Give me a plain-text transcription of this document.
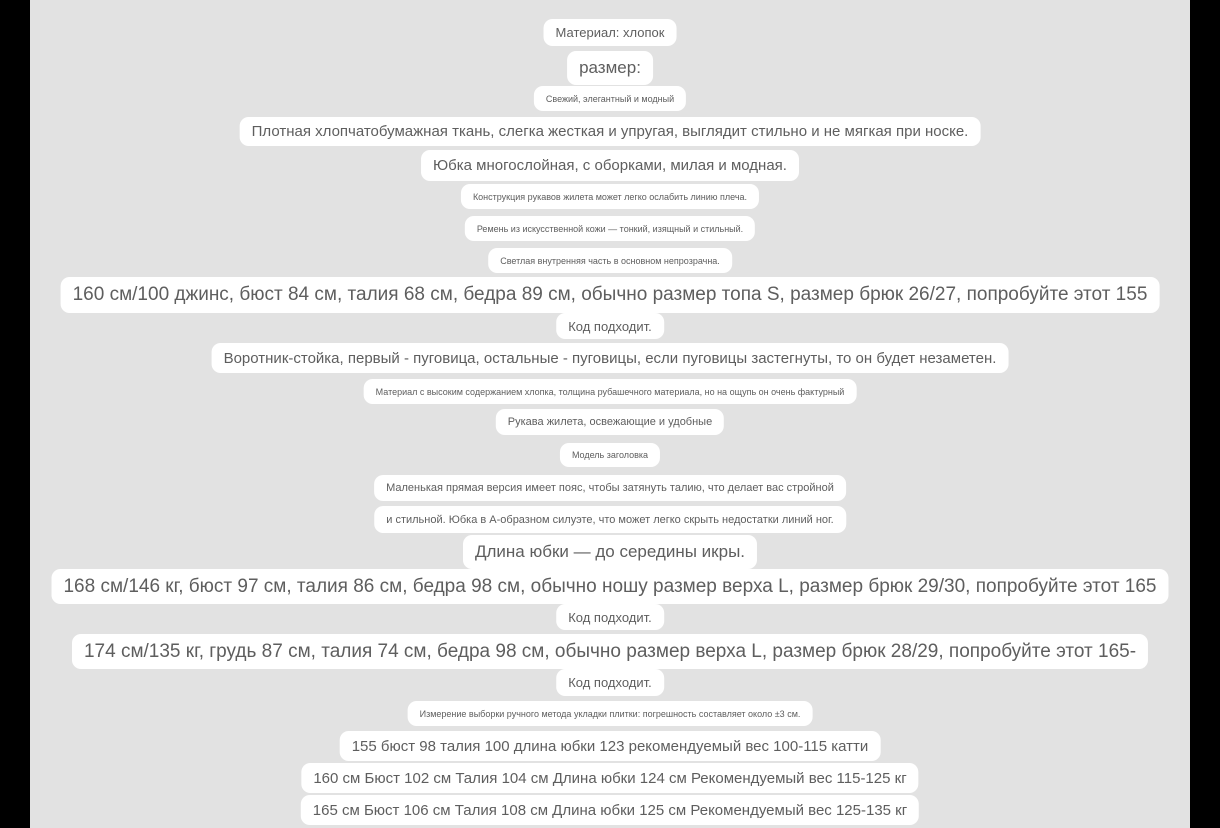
Материал: хлопок
размер:
Свежий, элегантный и модный
Плотная хлопчатобумажная ткань, слегка жесткая и упругая, выглядит стильно и не мягкая при носке.
Юбка многослойная, с оборками, милая и модная.
Конструкция рукавов жилета может легко ослабить линию плеча.
Ремень из искусственной кожи — тонкий, изящный и стильный.
Светлая внутренняя часть в основном непрозрачна.
160 см/100 джинс, бюст 84 см, талия 68 см, бедра 89 см, обычно размер топа S, размер брюк 26/27, попробуйте этот 155
Код подходит.
Воротник-стойка, первый - пуговица, остальные - пуговицы, если пуговицы застегнуты, то он будет незаметен.
Материал с высоким содержанием хлопка, толщина рубашечного материала, но на ощупь он очень фактурный
Рукава жилета, освежающие и удобные
Модель заголовка
Маленькая прямая версия имеет пояс, чтобы затянуть талию, что делает вас стройной
и стильной. Юбка в А-образном силуэте, что может легко скрыть недостатки линий ног.
Длина юбки — до середины икры.
168 см/146 кг, бюст 97 см, талия 86 см, бедра 98 см, обычно ношу размер верха L, размер брюк 29/30, попробуйте этот 165
Код подходит.
174 см/135 кг, грудь 87 см, талия 74 см, бедра 98 см, обычно размер верха L, размер брюк 28/29, попробуйте этот 165-
Код подходит.
Измерение выборки ручного метода укладки плитки: погрешность составляет около ±3 см.
155 бюст 98 талия 100 длина юбки 123 рекомендуемый вес 100-115 катти
160 см Бюст 102 см Талия 104 см Длина юбки 124 см Рекомендуемый вес 115-125 кг
165 см Бюст 106 см Талия 108 см Длина юбки 125 см Рекомендуемый вес 125-135 кг
